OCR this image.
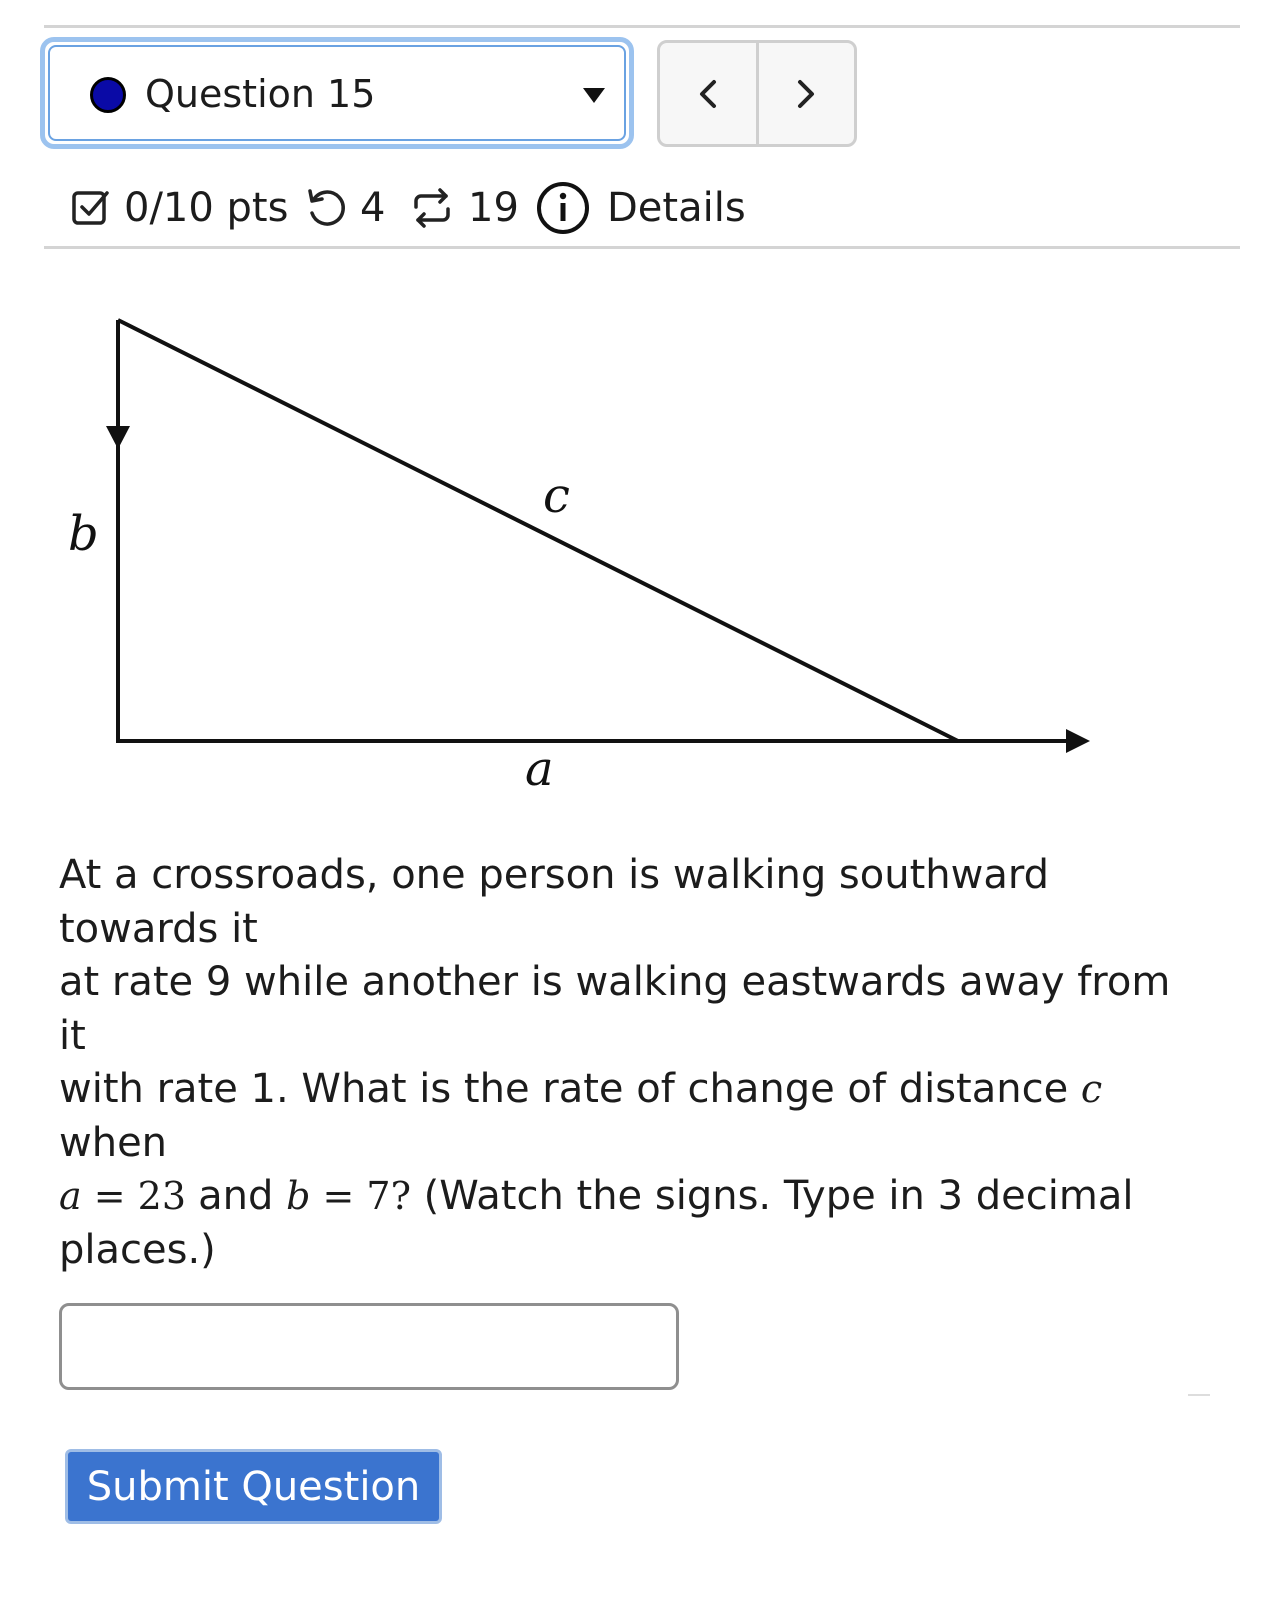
Question 15
0/10 pts 4 19 Details
b
c
a
At a crossroads, one person is walking southward towards it
at rate 9 while another is walking eastwards away from it
with rate 1. What is the rate of change of distance c when
a = 23 and b = 7? (Watch the signs. Type in 3 decimal
places.)
Submit Question
